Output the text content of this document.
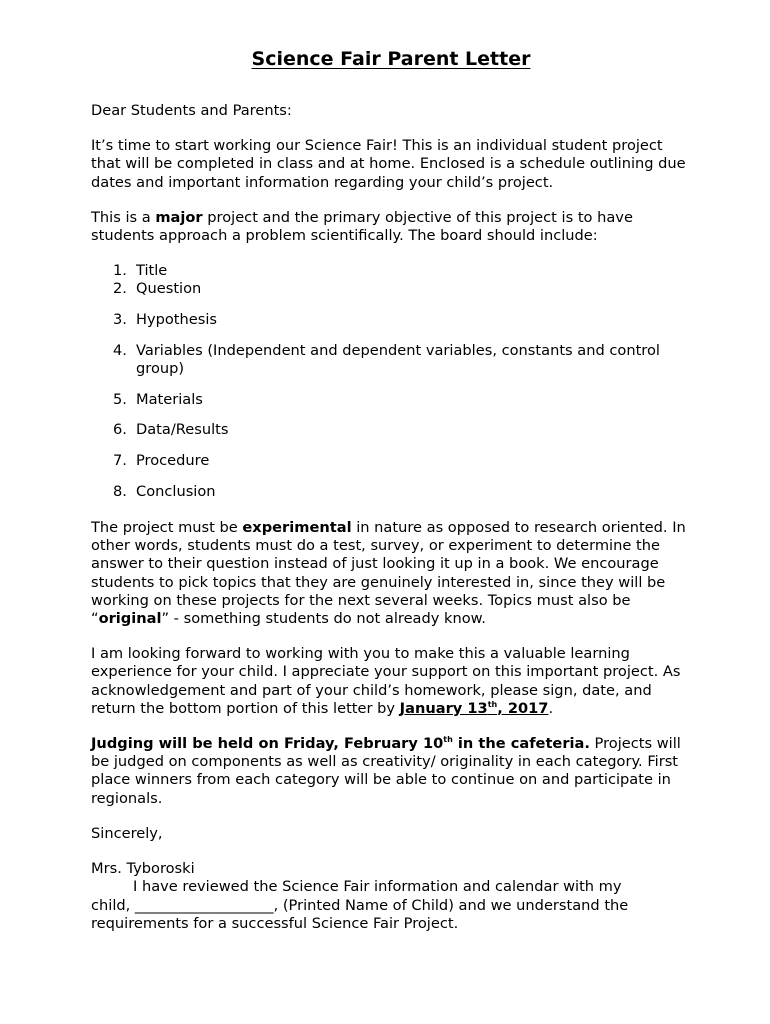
Science Fair Parent Letter

Dear Students and Parents:

It’s time to start working our Science Fair! This is an individual student project that will be completed in class and at home. Enclosed is a schedule outlining due dates and important information regarding your child’s project.

This is a major project and the primary objective of this project is to have students approach a problem scientifically. The board should include:

1. Title
2. Question
3. Hypothesis
4. Variables (Independent and dependent variables, constants and control group)
5. Materials
6. Data/Results
7. Procedure
8. Conclusion

The project must be experimental in nature as opposed to research oriented. In other words, students must do a test, survey, or experiment to determine the answer to their question instead of just looking it up in a book. We encourage students to pick topics that they are genuinely interested in, since they will be working on these projects for the next several weeks. Topics must also be “original” - something students do not already know.

I am looking forward to working with you to make this a valuable learning experience for your child. I appreciate your support on this important project. As acknowledgement and part of your child’s homework, please sign, date, and return the bottom portion of this letter by January 13th, 2017.

Judging will be held on Friday, February 10th in the cafeteria. Projects will be judged on components as well as creativity/ originality in each category. First place winners from each category will be able to continue on and participate in regionals.

Sincerely,

Mrs. Tyboroski
I have reviewed the Science Fair information and calendar with my
child, ___________________, (Printed Name of Child) and we understand the requirements for a successful Science Fair Project.
